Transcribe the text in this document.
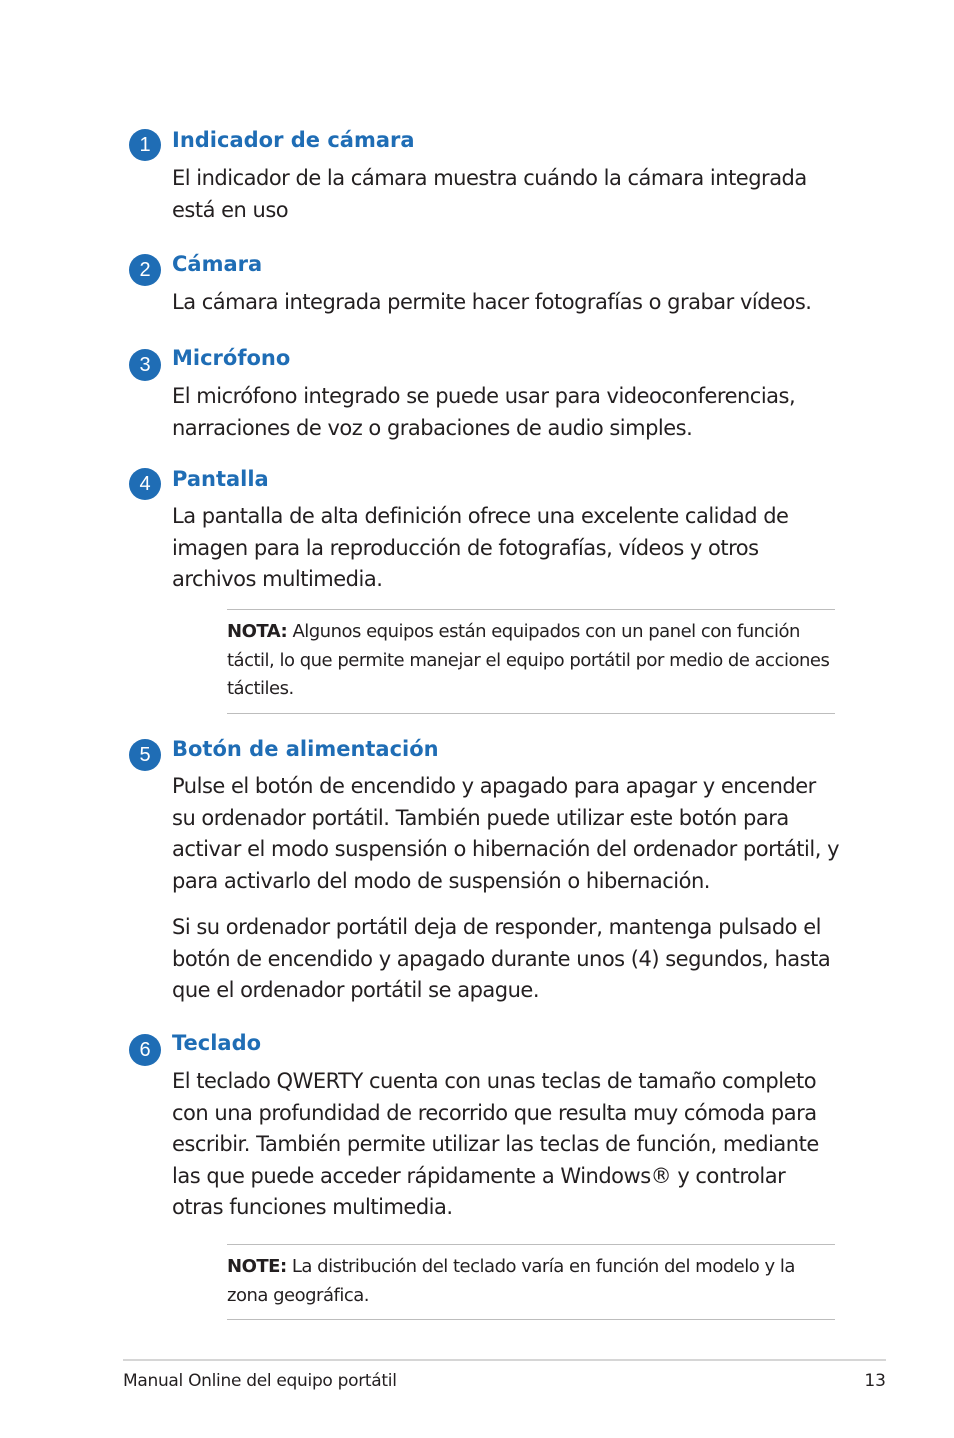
1	Indicador de cámara
El indicador de la cámara muestra cuándo la cámara integrada está en uso
2	Cámara
La cámara integrada permite hacer fotografías o grabar vídeos.
3	Micrófono
El micrófono integrado se puede usar para videoconferencias, narraciones de voz o grabaciones de audio simples.
4	Pantalla
La pantalla de alta definición ofrece una excelente calidad de imagen para la reproducción de fotografías, vídeos y otros archivos multimedia.
NOTA: Algunos equipos están equipados con un panel con función táctil, lo que permite manejar el equipo portátil por medio de acciones táctiles.
5	Botón de alimentación
Pulse el botón de encendido y apagado para apagar y encender su ordenador portátil. También puede utilizar este botón para activar el modo suspensión o hibernación del ordenador portátil, y para activarlo del modo de suspensión o hibernación.
Si su ordenador portátil deja de responder, mantenga pulsado el botón de encendido y apagado durante unos (4) segundos, hasta que el ordenador portátil se apague.
6	Teclado
El teclado QWERTY cuenta con unas teclas de tamaño completo con una profundidad de recorrido que resulta muy cómoda para escribir. También permite utilizar las teclas de función, mediante las que puede acceder rápidamente a Windows® y controlar otras funciones multimedia.
NOTE: La distribución del teclado varía en función del modelo y la zona geográfica.
Manual Online del equipo portátil	13
